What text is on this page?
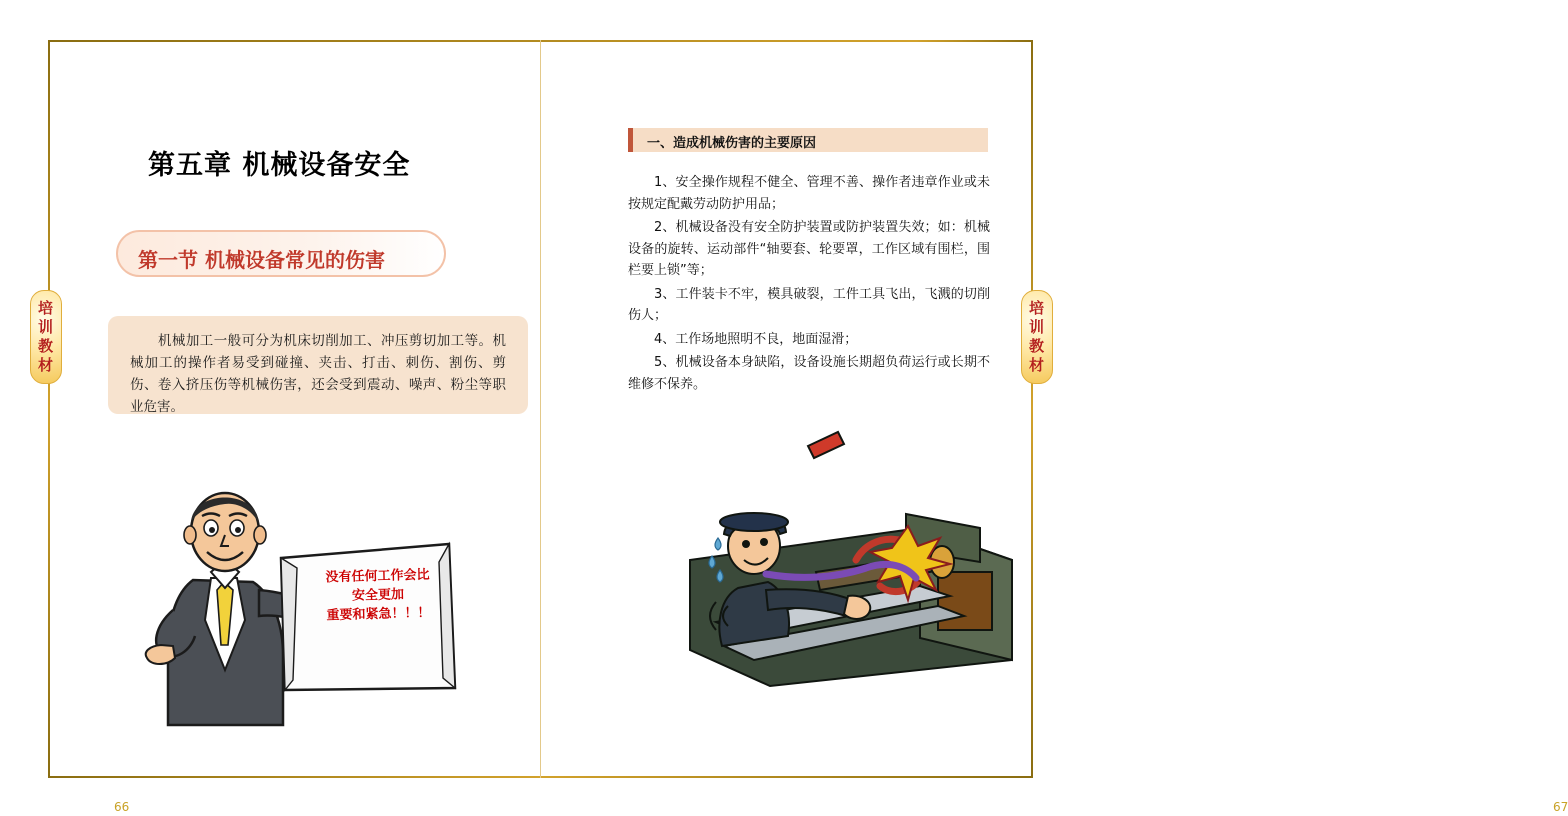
培
训
教
材
培
训
教
材
第五章 机械设备安全
第一节 机械设备常见的伤害

机械加工一般可分为机床切削加工、冲压剪切加工等。机械加工的操作者易受到碰撞、夹击、打击、刺伤、割伤、剪伤、卷入挤压伤等机械伤害，还会受到震动、噪声、粉尘等职业危害。

没有任何工作会比
安全更加
重要和紧急！！！
66
一、造成机械伤害的主要原因

1、安全操作规程不健全、管理不善、操作者违章作业或未按规定配戴劳动防护用品；

2、机械设备没有安全防护装置或防护装置失效；如：机械设备的旋转、运动部件“轴要套、轮要罩，工作区域有围栏，围栏要上锁”等；

3、工件装卡不牢，模具破裂，工件工具飞出，飞溅的切削伤人；

4、工作场地照明不良，地面湿滑；

5、机械设备本身缺陷，设备设施长期超负荷运行或长期不维修不保养。

67
